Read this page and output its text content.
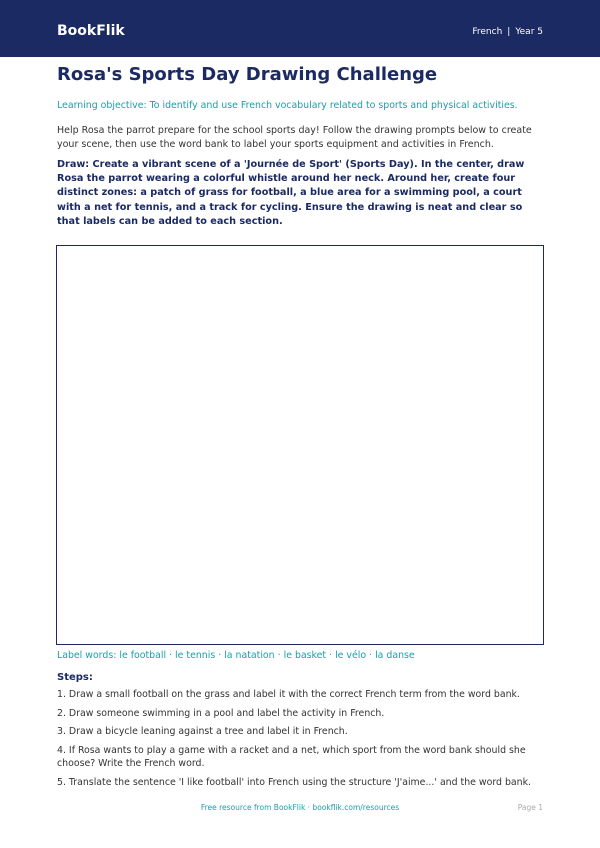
BookFlik	French | Year 5
Rosa's Sports Day Drawing Challenge
Learning objective: To identify and use French vocabulary related to sports and physical activities.
Help Rosa the parrot prepare for the school sports day! Follow the drawing prompts below to create your scene, then use the word bank to label your sports equipment and activities in French.
Draw: Create a vibrant scene of a 'Journée de Sport' (Sports Day). In the center, draw Rosa the parrot wearing a colorful whistle around her neck. Around her, create four distinct zones: a patch of grass for football, a blue area for a swimming pool, a court with a net for tennis, and a track for cycling. Ensure the drawing is neat and clear so that labels can be added to each section.
Label words: le football · le tennis · la natation · le basket · le vélo · la danse
Steps:
1. Draw a small football on the grass and label it with the correct French term from the word bank.
2. Draw someone swimming in a pool and label the activity in French.
3. Draw a bicycle leaning against a tree and label it in French.
4. If Rosa wants to play a game with a racket and a net, which sport from the word bank should she choose? Write the French word.
5. Translate the sentence 'I like football' into French using the structure 'J'aime...' and the word bank.
Free resource from BookFlik · bookflik.com/resources	Page 1
